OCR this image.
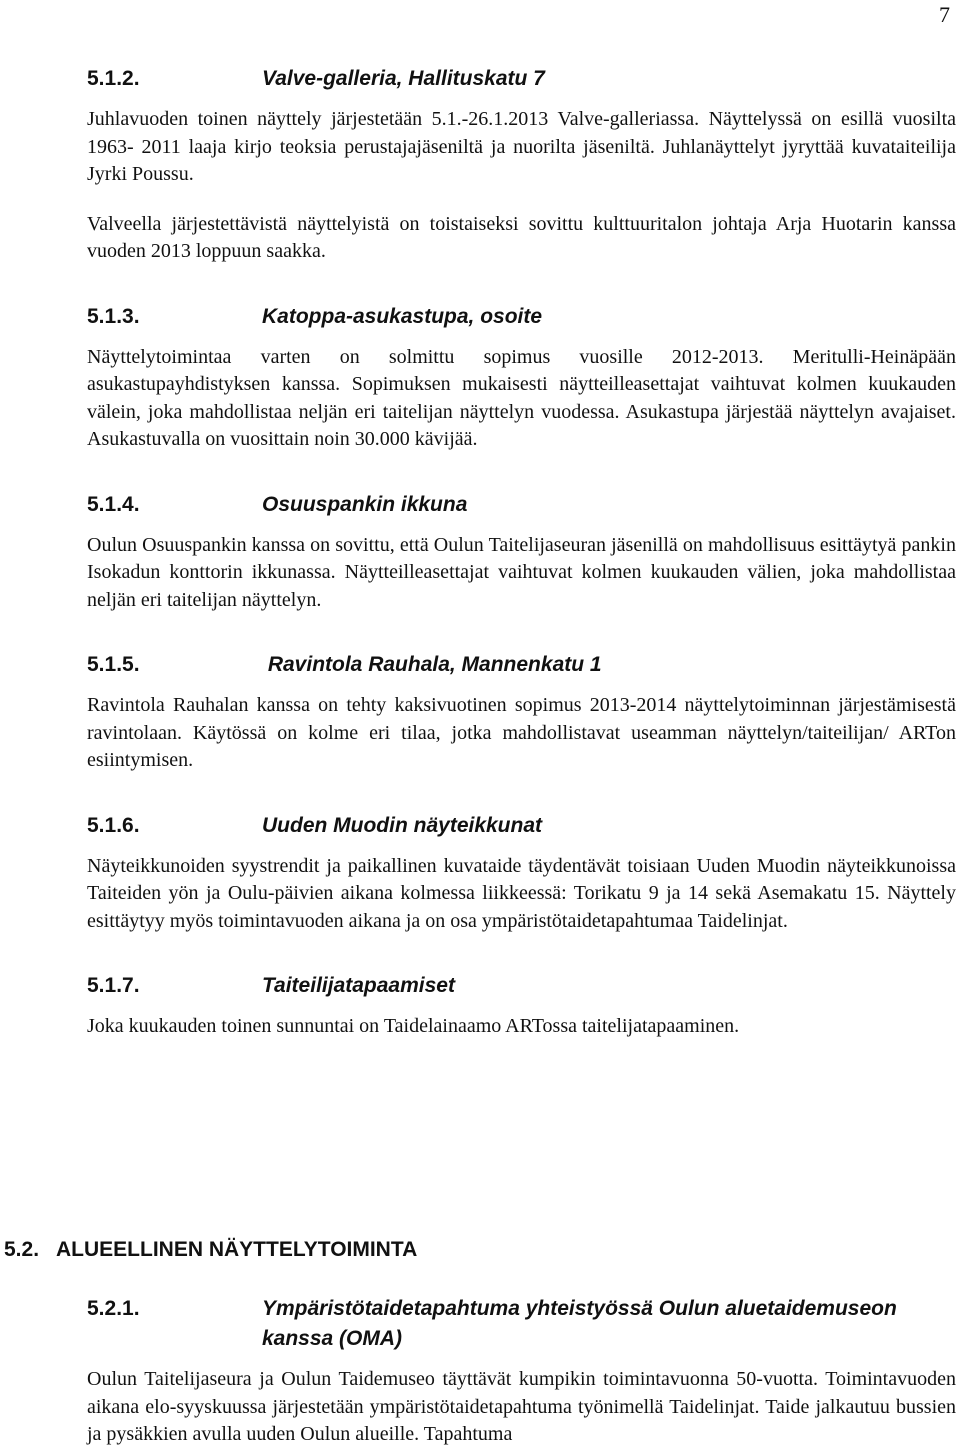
7
5.1.2.	Valve-galleria, Hallituskatu 7

Juhlavuoden toinen näyttely järjestetään 5.1.-26.1.2013 Valve-galleriassa. Näyttelyssä on esillä vuosilta 1963- 2011 laaja kirjo teoksia perustajajäseniltä ja nuorilta jäseniltä. Juhlanäyttelyt jyryttää kuvataiteilija Jyrki Poussu.

Valveella järjestettävistä näyttelyistä on toistaiseksi sovittu kulttuuritalon johtaja Arja Huotarin kanssa vuoden 2013 loppuun saakka.

5.1.3.	Katoppa-asukastupa, osoite

Näyttelytoimintaa varten on solmittu sopimus vuosille 2012-2013. Meritulli-Heinäpään asukastupayhdistyksen kanssa. Sopimuksen mukaisesti näytteilleasettajat vaihtuvat kolmen kuukauden välein, joka mahdollistaa neljän eri taitelijan näyttelyn vuodessa. Asukastupa järjestää näyttelyn avajaiset. Asukastuvalla on vuosittain noin 30.000 kävijää.

5.1.4.	Osuuspankin ikkuna

Oulun Osuuspankin kanssa on sovittu, että Oulun Taitelijaseuran jäsenillä on mahdollisuus esittäytyä pankin Isokadun konttorin ikkunassa. Näytteilleasettajat vaihtuvat kolmen kuukauden välien, joka mahdollistaa neljän eri taitelijan näyttelyn.

5.1.5.	Ravintola Rauhala, Mannenkatu 1

Ravintola Rauhalan kanssa on tehty kaksivuotinen sopimus 2013-2014 näyttelytoiminnan järjestämisestä ravintolaan. Käytössä on kolme eri tilaa, jotka mahdollistavat useamman näyttelyn/taiteilijan/ ARTon esiintymisen.

5.1.6.	Uuden Muodin näyteikkunat

Näyteikkunoiden syystrendit ja paikallinen kuvataide täydentävät toisiaan Uuden Muodin näyteikkunoissa Taiteiden yön ja Oulu-päivien aikana kolmessa liikkeessä: Torikatu 9 ja 14 sekä Asemakatu 15. Näyttely esittäytyy myös toimintavuoden aikana ja on osa ympäristötaidetapahtumaa Taidelinjat.

5.1.7.	Taiteilijatapaamiset

Joka kuukauden toinen sunnuntai on Taidelainaamo ARTossa taitelijatapaaminen.

5.2. ALUEELLINEN NÄYTTELYTOIMINTA
5.2.1.	Ympäristötaidetapahtuma yhteistyössä Oulun aluetaidemuseon kanssa (OMA)

Oulun Taitelijaseura ja Oulun Taidemuseo täyttävät kumpikin toimintavuonna 50-vuotta. Toimintavuoden aikana elo-syyskuussa järjestetään ympäristötaidetapahtuma työnimellä Taidelinjat. Taide jalkautuu bussien ja pysäkkien avulla uuden Oulun alueille. Tapahtuma
